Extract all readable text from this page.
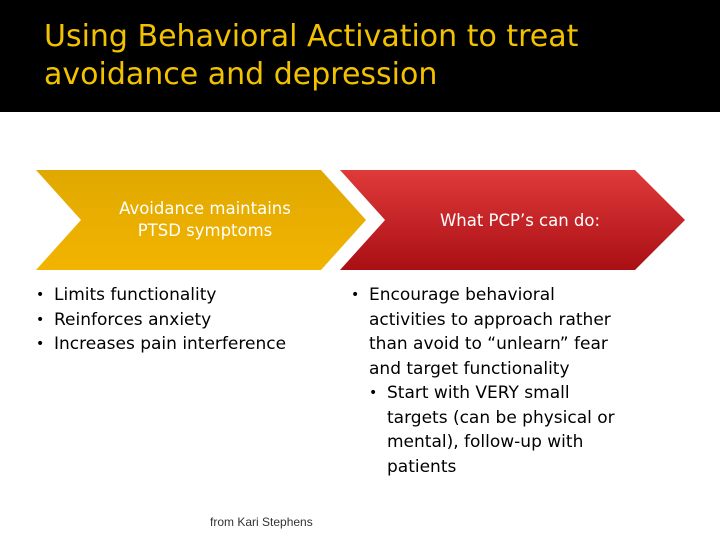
Using Behavioral Activation to treat avoidance and depression
Avoidance maintains PTSD symptoms
What PCP’s can do:
• Limits functionality
• Reinforces anxiety
• Increases pain interference
• Encourage behavioral activities to approach rather than avoid to “unlearn” fear and target functionality
• Start with VERY small targets (can be physical or mental), follow-up with patients
from Kari Stephens
